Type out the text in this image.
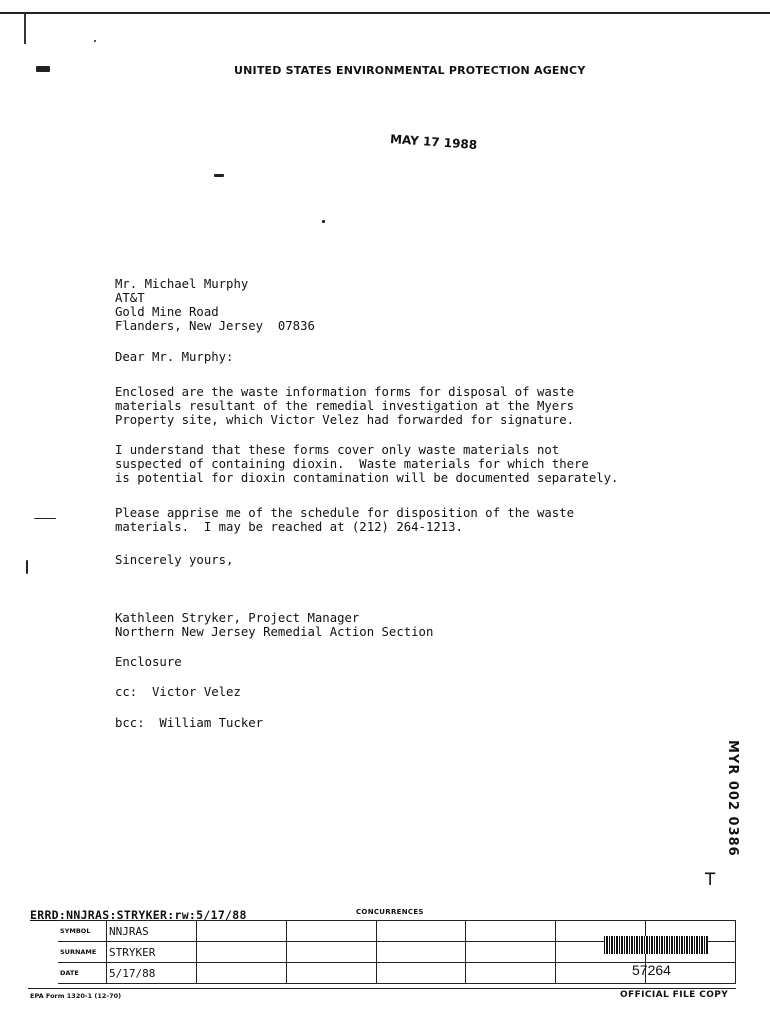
UNITED STATES ENVIRONMENTAL PROTECTION AGENCY
MAY 17 1988
Mr. Michael Murphy
AT&T
Gold Mine Road
Flanders, New Jersey  07836
Dear Mr. Murphy:
Enclosed are the waste information forms for disposal of waste
materials resultant of the remedial investigation at the Myers
Property site, which Victor Velez had forwarded for signature.
I understand that these forms cover only waste materials not
suspected of containing dioxin.  Waste materials for which there
is potential for dioxin contamination will be documented separately.
Please apprise me of the schedule for disposition of the waste
materials.  I may be reached at (212) 264-1213.
Sincerely yours,
Kathleen Stryker, Project Manager
Northern New Jersey Remedial Action Section
Enclosure
cc:  Victor Velez
bcc:  William Tucker
MYR 002 0386
⊤
ERRD:NNJRAS:STRYKER:rw:5/17/88	CONCURRENCES
SYMBOL	NNJRAS						
SURNAME	STRYKER						
DATE	5/17/88							57264
EPA Form 1320-1 (12-70)	OFFICIAL FILE COPY
